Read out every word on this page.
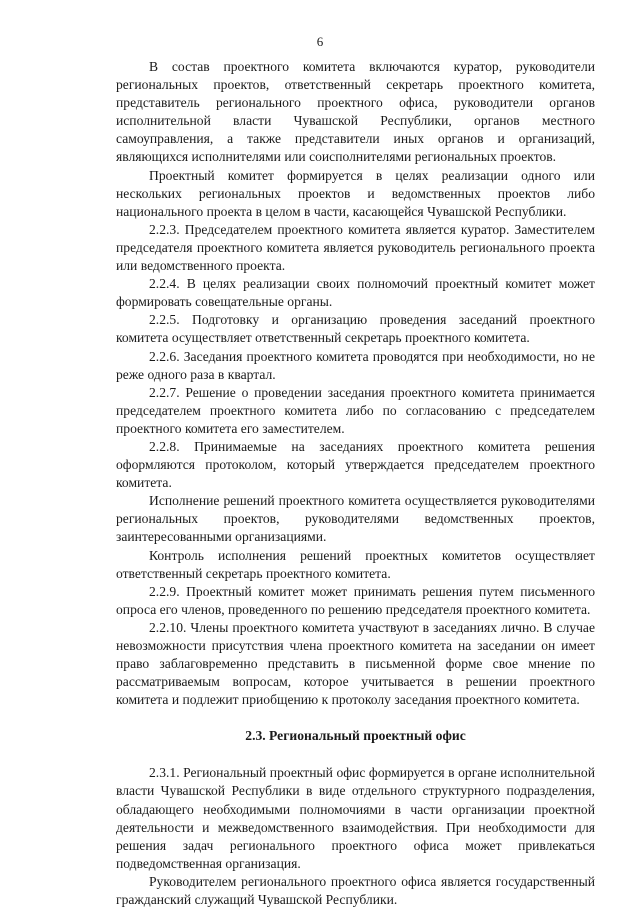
6

В состав проектного комитета включаются куратор, руководители региональных проектов, ответственный секретарь проектного комитета, представитель регионального проектного офиса, руководители органов исполнительной власти Чувашской Республики, органов местного самоуправления, а также представители иных органов и организаций, являющихся исполнителями или соисполнителями региональных проектов.

Проектный комитет формируется в целях реализации одного или нескольких региональных проектов и ведомственных проектов либо национального проекта в целом в части, касающейся Чувашской Республики.

2.2.3. Председателем проектного комитета является куратор. Заместителем председателя проектного комитета является руководитель регионального проекта или ведомственного проекта.

2.2.4. В целях реализации своих полномочий проектный комитет может формировать совещательные органы.

2.2.5. Подготовку и организацию проведения заседаний проектного комитета осуществляет ответственный секретарь проектного комитета.

2.2.6. Заседания проектного комитета проводятся при необходимости, но не реже одного раза в квартал.

2.2.7. Решение о проведении заседания проектного комитета принимается председателем проектного комитета либо по согласованию с председателем проектного комитета его заместителем.

2.2.8. Принимаемые на заседаниях проектного комитета решения оформляются протоколом, который утверждается председателем проектного комитета.

Исполнение решений проектного комитета осуществляется руководителями региональных проектов, руководителями ведомственных проектов, заинтересованными организациями.

Контроль исполнения решений проектных комитетов осуществляет ответственный секретарь проектного комитета.

2.2.9. Проектный комитет может принимать решения путем письменного опроса его членов, проведенного по решению председателя проектного комитета.

2.2.10. Члены проектного комитета участвуют в заседаниях лично. В случае невозможности присутствия члена проектного комитета на заседании он имеет право заблаговременно представить в письменной форме свое мнение по рассматриваемым вопросам, которое учитывается в решении проектного комитета и подлежит приобщению к протоколу заседания проектного комитета.

2.3. Региональный проектный офис

2.3.1. Региональный проектный офис формируется в органе исполнительной власти Чувашской Республики в виде отдельного структурного подразделения, обладающего необходимыми полномочиями в части организации проектной деятельности и межведомственного взаимодействия. При необходимости для решения задач регионального проектного офиса может привлекаться подведомственная организация.

Руководителем регионального проектного офиса является государственный гражданский служащий Чувашской Республики.
